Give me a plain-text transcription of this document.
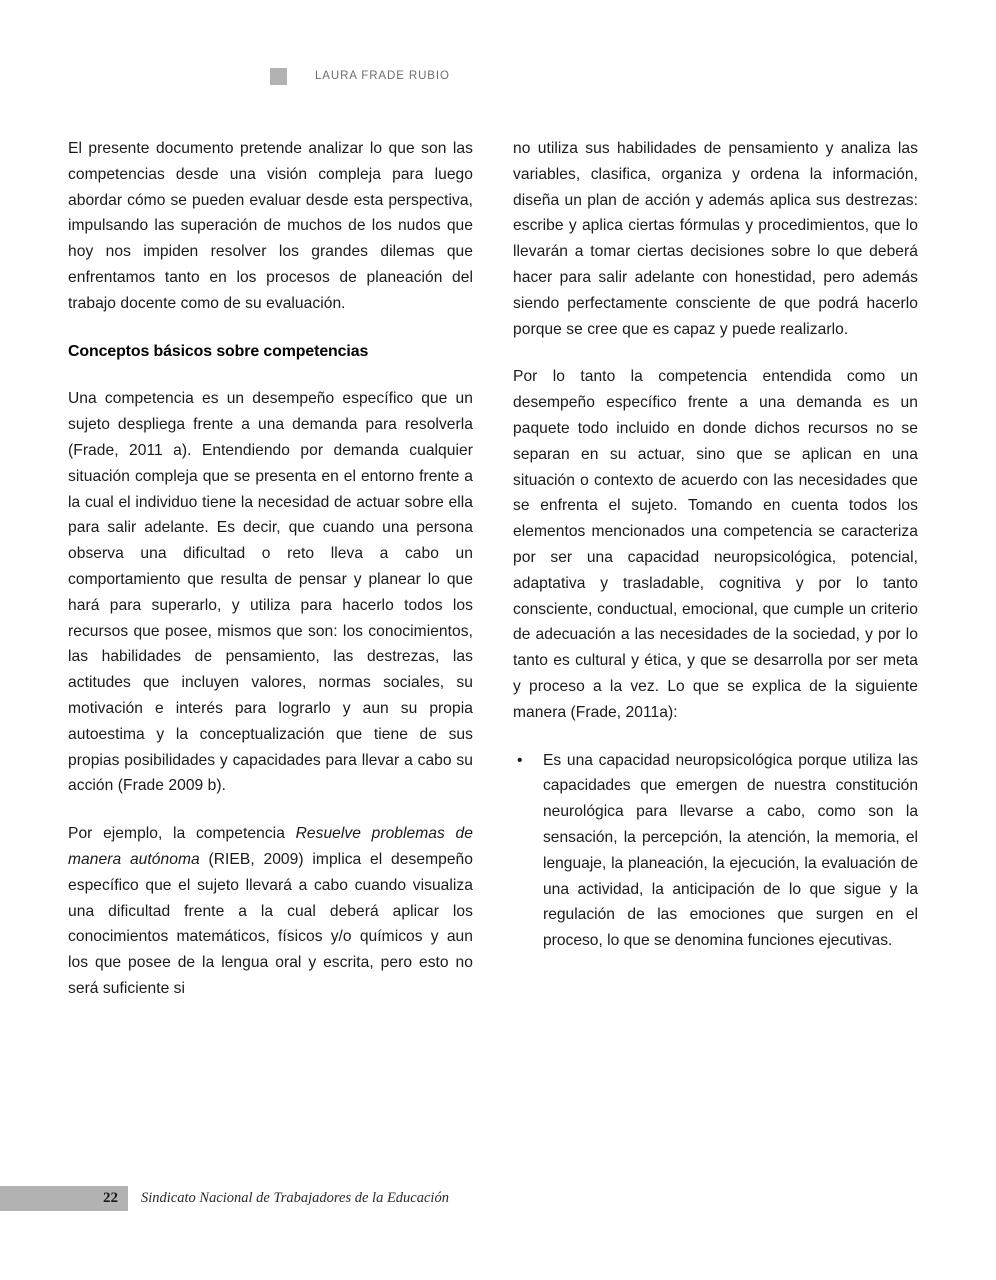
LAURA FRADE RUBIO

El presente documento pretende analizar lo que son las competencias desde una visión compleja para luego abordar cómo se pueden evaluar desde esta perspectiva, impulsando las superación de muchos de los nudos que hoy nos impiden resolver los grandes dilemas que enfrentamos tanto en los procesos de planeación del trabajo docente como de su evaluación.

Conceptos básicos sobre competencias

Una competencia es un desempeño específico que un sujeto despliega frente a una demanda para resolverla (Frade, 2011 a). Entendiendo por demanda cualquier situación compleja que se presenta en el entorno frente a la cual el individuo tiene la necesidad de actuar sobre ella para salir adelante. Es decir, que cuando una persona observa una dificultad o reto lleva a cabo un comportamiento que resulta de pensar y planear lo que hará para superarlo, y utiliza para hacerlo todos los recursos que posee, mismos que son: los conocimientos, las habilidades de pensamiento, las destrezas, las actitudes que incluyen valores, normas sociales, su motivación e interés para lograrlo y aun su propia autoestima y la conceptualización que tiene de sus propias posibilidades y capacidades para llevar a cabo su acción (Frade 2009 b).

Por ejemplo, la competencia Resuelve problemas de manera autónoma (RIEB, 2009) implica el desempeño específico que el sujeto llevará a cabo cuando visualiza una dificultad frente a la cual deberá aplicar los conocimientos matemáticos, físicos y/o químicos y aun los que posee de la lengua oral y escrita, pero esto no será suficiente si

no utiliza sus habilidades de pensamiento y analiza las variables, clasifica, organiza y ordena la información, diseña un plan de acción y además aplica sus destrezas: escribe y aplica ciertas fórmulas y procedimientos, que lo llevarán a tomar ciertas decisiones sobre lo que deberá hacer para salir adelante con honestidad, pero además siendo perfectamente consciente de que podrá hacerlo porque se cree que es capaz y puede realizarlo.

Por lo tanto la competencia entendida como un desempeño específico frente a una demanda es un paquete todo incluido en donde dichos recursos no se separan en su actuar, sino que se aplican en una situación o contexto de acuerdo con las necesidades que se enfrenta el sujeto. Tomando en cuenta todos los elementos mencionados una competencia se caracteriza por ser una capacidad neuropsicológica, potencial, adaptativa y trasladable, cognitiva y por lo tanto consciente, conductual, emocional, que cumple un criterio de adecuación a las necesidades de la sociedad, y por lo tanto es cultural y ética, y que se desarrolla por ser meta y proceso a la vez. Lo que se explica de la siguiente manera (Frade, 2011a):

• Es una capacidad neuropsicológica porque utiliza las capacidades que emergen de nuestra constitución neurológica para llevarse a cabo, como son la sensación, la percepción, la atención, la memoria, el lenguaje, la planeación, la ejecución, la evaluación de una actividad, la anticipación de lo que sigue y la regulación de las emociones que surgen en el proceso, lo que se denomina funciones ejecutivas.
22 Sindicato Nacional de Trabajadores de la Educación
